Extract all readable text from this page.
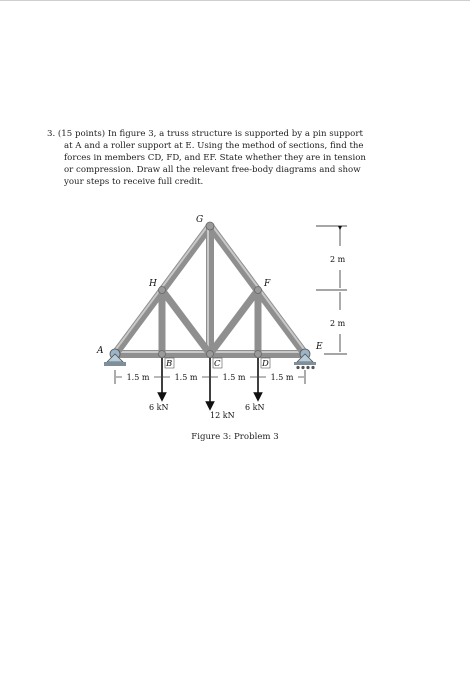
3. (15 points) In figure 3, a truss structure is supported by a pin support
at A and a roller support at E. Using the method of sections, find the
forces in members CD, FD, and EF. State whether they are in tension
or compression. Draw all the relevant free-body diagrams and show
your steps to receive full credit.
A
G
H	F
E
B	C	D
1.5 m	1.5 m	1.5 m	1.5 m
6 kN
12 kN
6 kN
2 m
2 m
Figure 3: Problem 3
